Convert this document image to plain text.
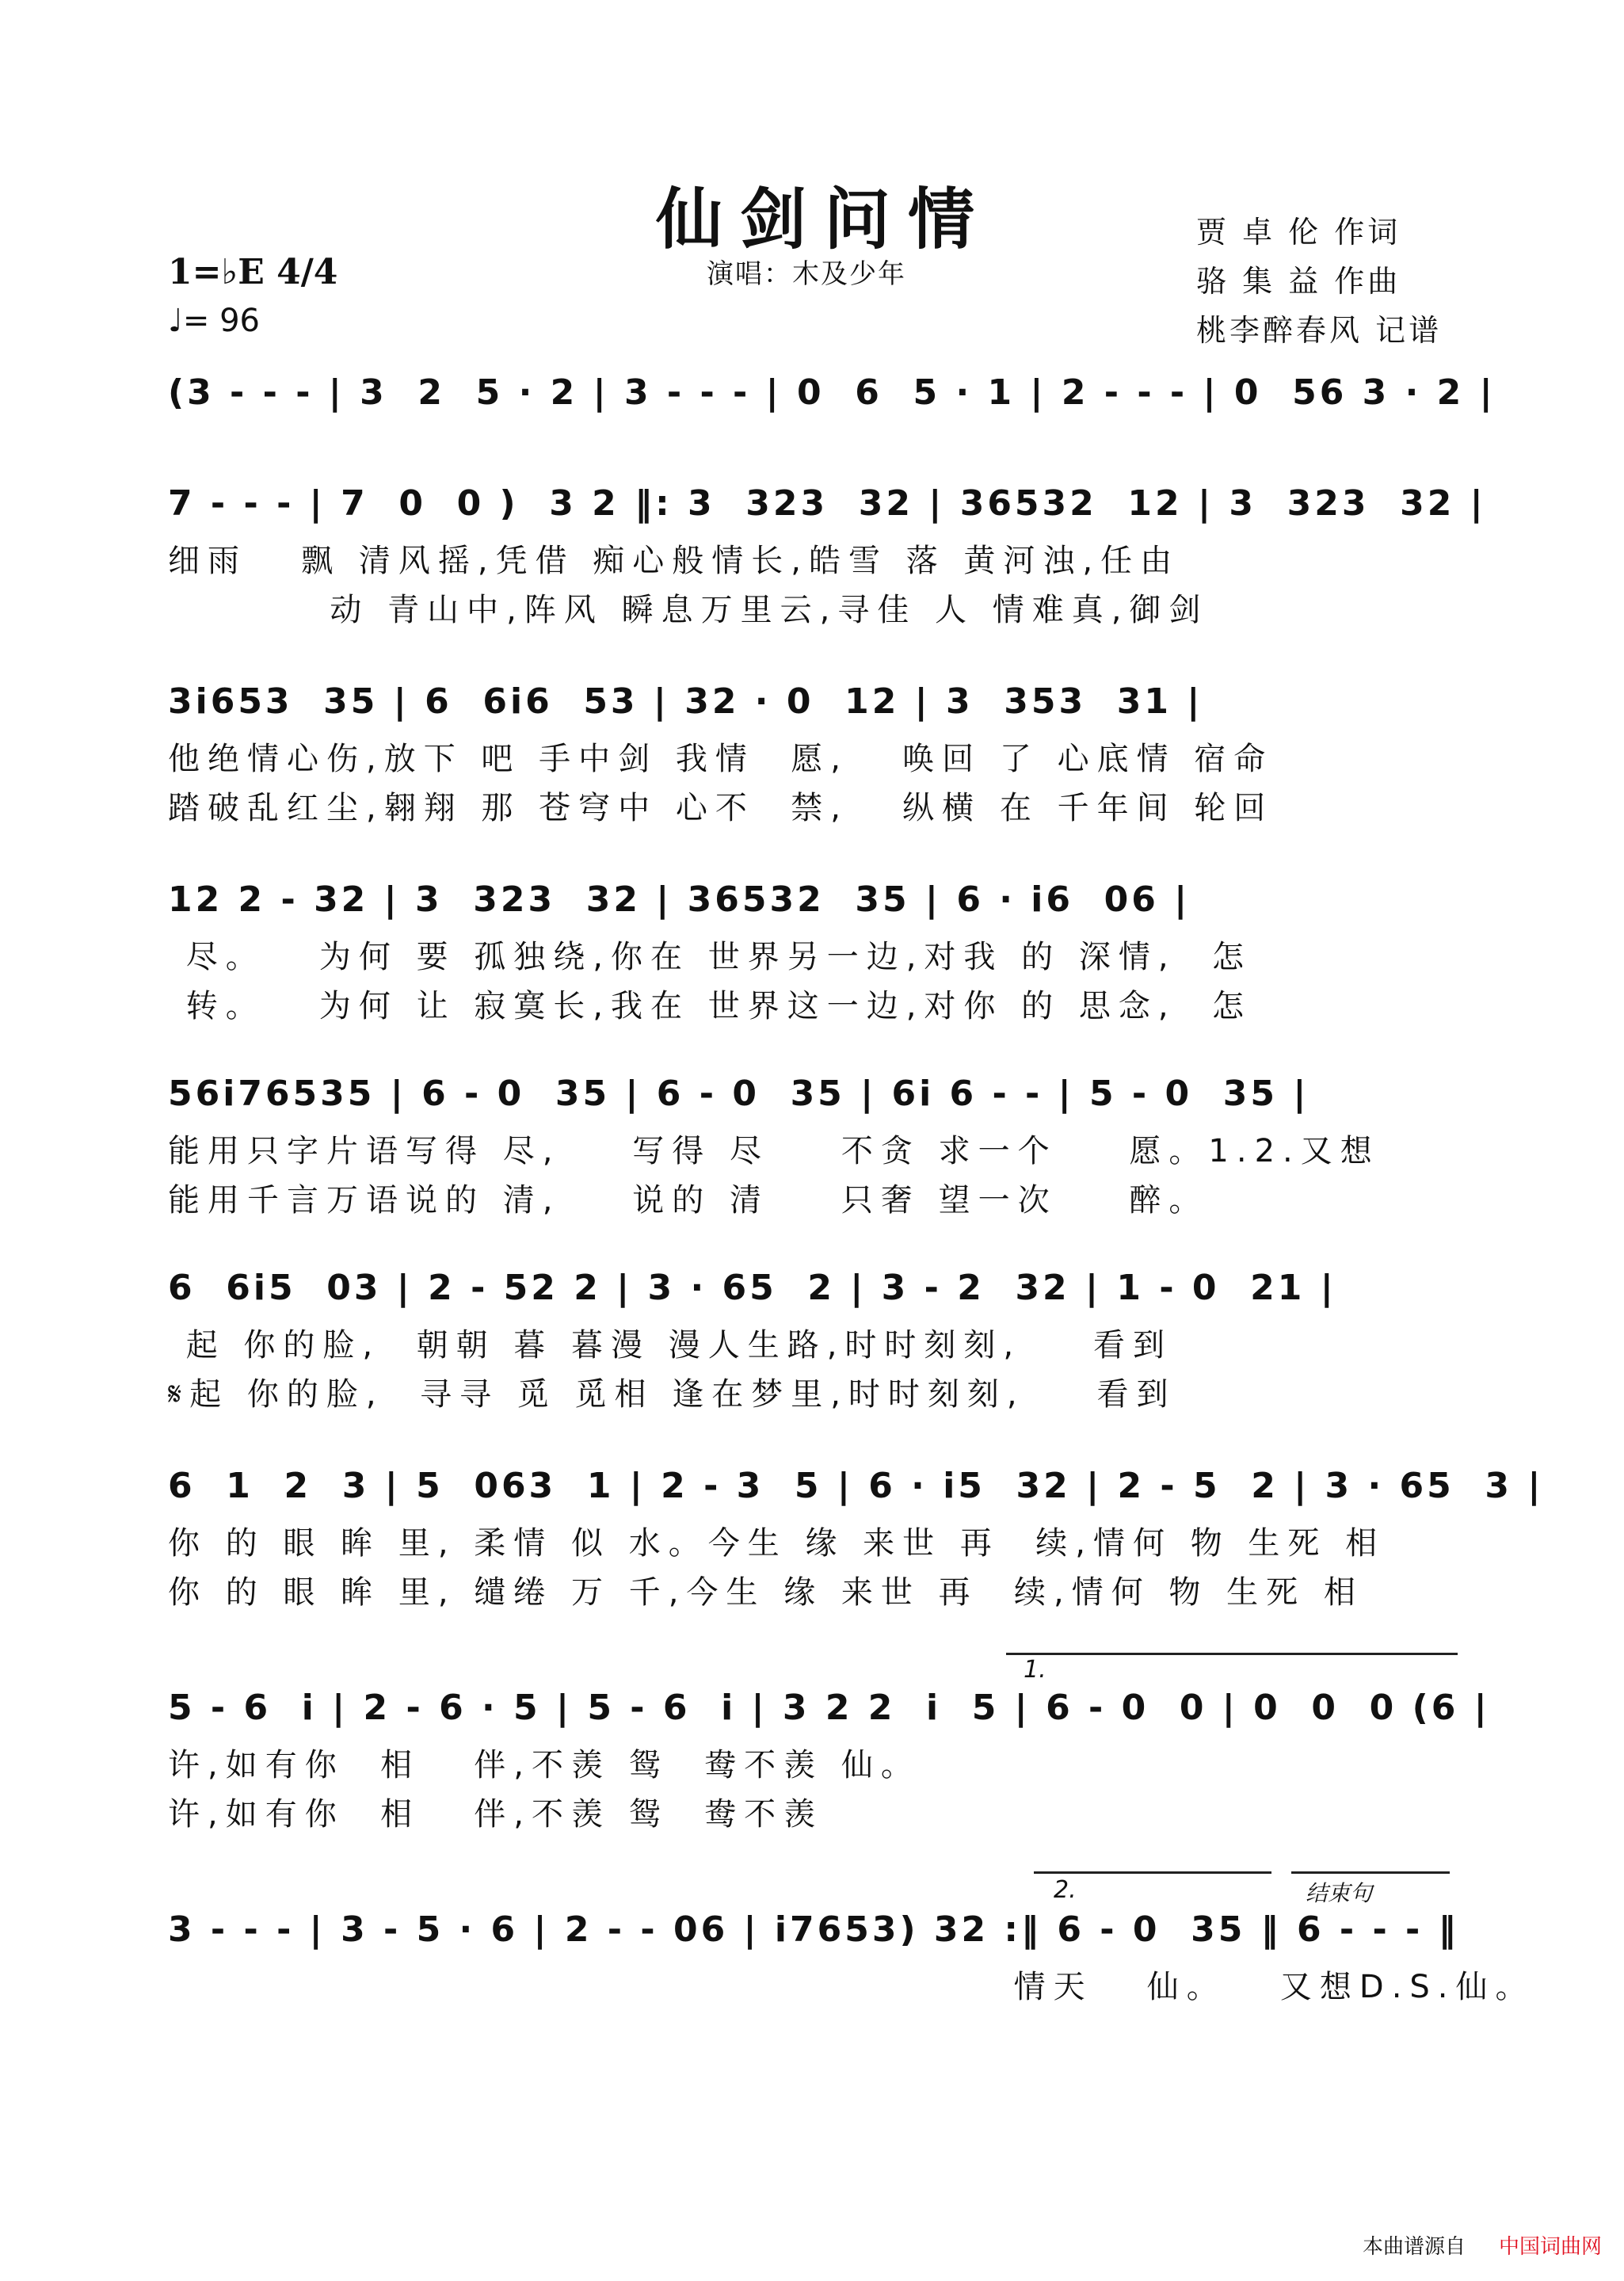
仙剑问情
演唱：木及少年
1=♭E 4/4
♩= 96
贾 卓 伦 作词
骆 集 益 作曲
桃李醉春风 记谱
(3 - - - | 3  2  5 · 2 | 3 - - - | 0  6  5 · 1 | 2 - - - | 0  56 3 · 2 |
7 - - - | 7  0  0 )  3 2 ‖: 3  323  32 | 36532  12 | 3  323  32 |
细雨   飘 清风摇,凭借 痴心般情长,皓雪 落 黄河浊,任由
动 青山中,阵风 瞬息万里云,寻佳 人 情难真,御剑
3i653  35 | 6  6i6  53 | 32 · 0  12 | 3  353  31 |
他绝情心伤,放下 吧 手中剑 我情  愿,   唤回 了 心底情 宿命
踏破乱红尘,翱翔 那 苍穹中 心不  禁,   纵横 在 千年间 轮回
12 2 - 32 | 3  323  32 | 36532  35 | 6 · i6  06 |
尽。   为何 要 孤独绕,你在 世界另一边,对我 的 深情,  怎
转。   为何 让 寂寞长,我在 世界这一边,对你 的 思念,  怎
56i76535 | 6 - 0  35 | 6 - 0  35 | 6i 6 - - | 5 - 0  35 |
能用只字片语写得 尽,    写得 尽    不贪 求一个    愿。1.2.又想
能用千言万语说的 清,    说的 清    只奢 望一次    醉。
6  6i5  03 | 2 - 52 2 | 3 · 65  2 | 3 - 2  32 | 1 - 0  21 |
起 你的脸,  朝朝 暮 暮漫 漫人生路,时时刻刻,    看到
𝄋起 你的脸,  寻寻 觅 觅相 逢在梦里,时时刻刻,    看到
6  1  2  3 | 5  063  1 | 2 - 3  5 | 6 · i5  32 | 2 - 5  2 | 3 · 65  3 |
你 的 眼 眸 里, 柔情 似 水。今生 缘 来世 再  续,情何 物 生死 相
你 的 眼 眸 里, 缱绻 万 千,今生 缘 来世 再  续,情何 物 生死 相
1.
5 - 6  i | 2 - 6 · 5 | 5 - 6  i | 3 2 2  i  5 | 6 - 0  0 | 0  0  0 (6 |
许,如有你  相   伴,不羡 鸳  鸯不羡 仙。
许,如有你  相   伴,不羡 鸳  鸯不羡
2.	结束句
3 - - - | 3 - 5 · 6 | 2 - - 06 | i7653) 32 :‖ 6 - 0  35 ‖ 6 - - - ‖
情天   仙。   又想D.S.仙。
本曲谱源自 中国词曲网
